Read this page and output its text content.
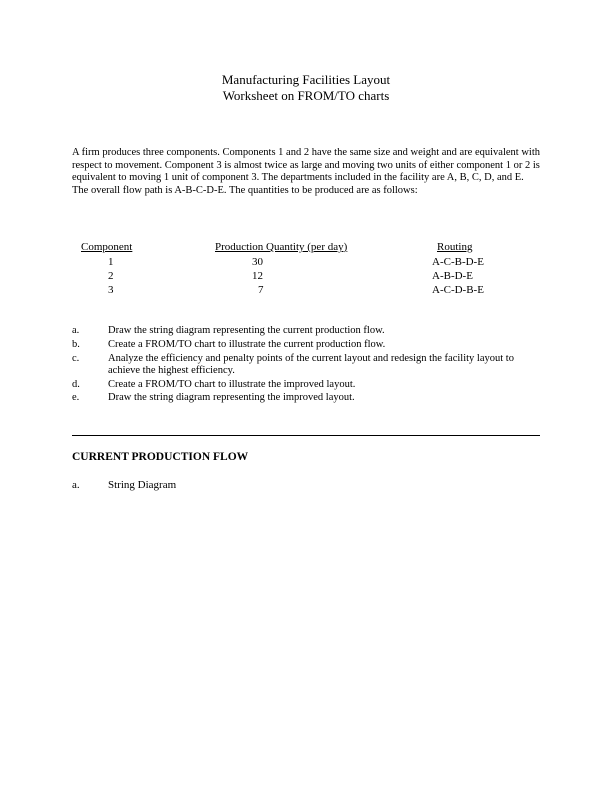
Manufacturing Facilities Layout
Worksheet on FROM/TO charts
A firm produces three components. Components 1 and 2 have the same size and weight and are equivalent with respect to movement. Component 3 is almost twice as large and moving two units of either component 1 or 2 is equivalent to moving 1 unit of component 3. The departments included in the facility are A, B, C, D, and E. The overall flow path is A-B-C-D-E. The quantities to be produced are as follows:
Component	Production Quantity (per day)	Routing
1	30	A-C-B-D-E
2	12	A-B-D-E
3	7	A-C-D-B-E
a.	Draw the string diagram representing the current production flow.
b.	Create a FROM/TO chart to illustrate the current production flow.
c.	Analyze the efficiency and penalty points of the current layout and redesign the facility layout to achieve the highest efficiency.
d.	Create a FROM/TO chart to illustrate the improved layout.
e.	Draw the string diagram representing the improved layout.
CURRENT PRODUCTION FLOW
a.	String Diagram
